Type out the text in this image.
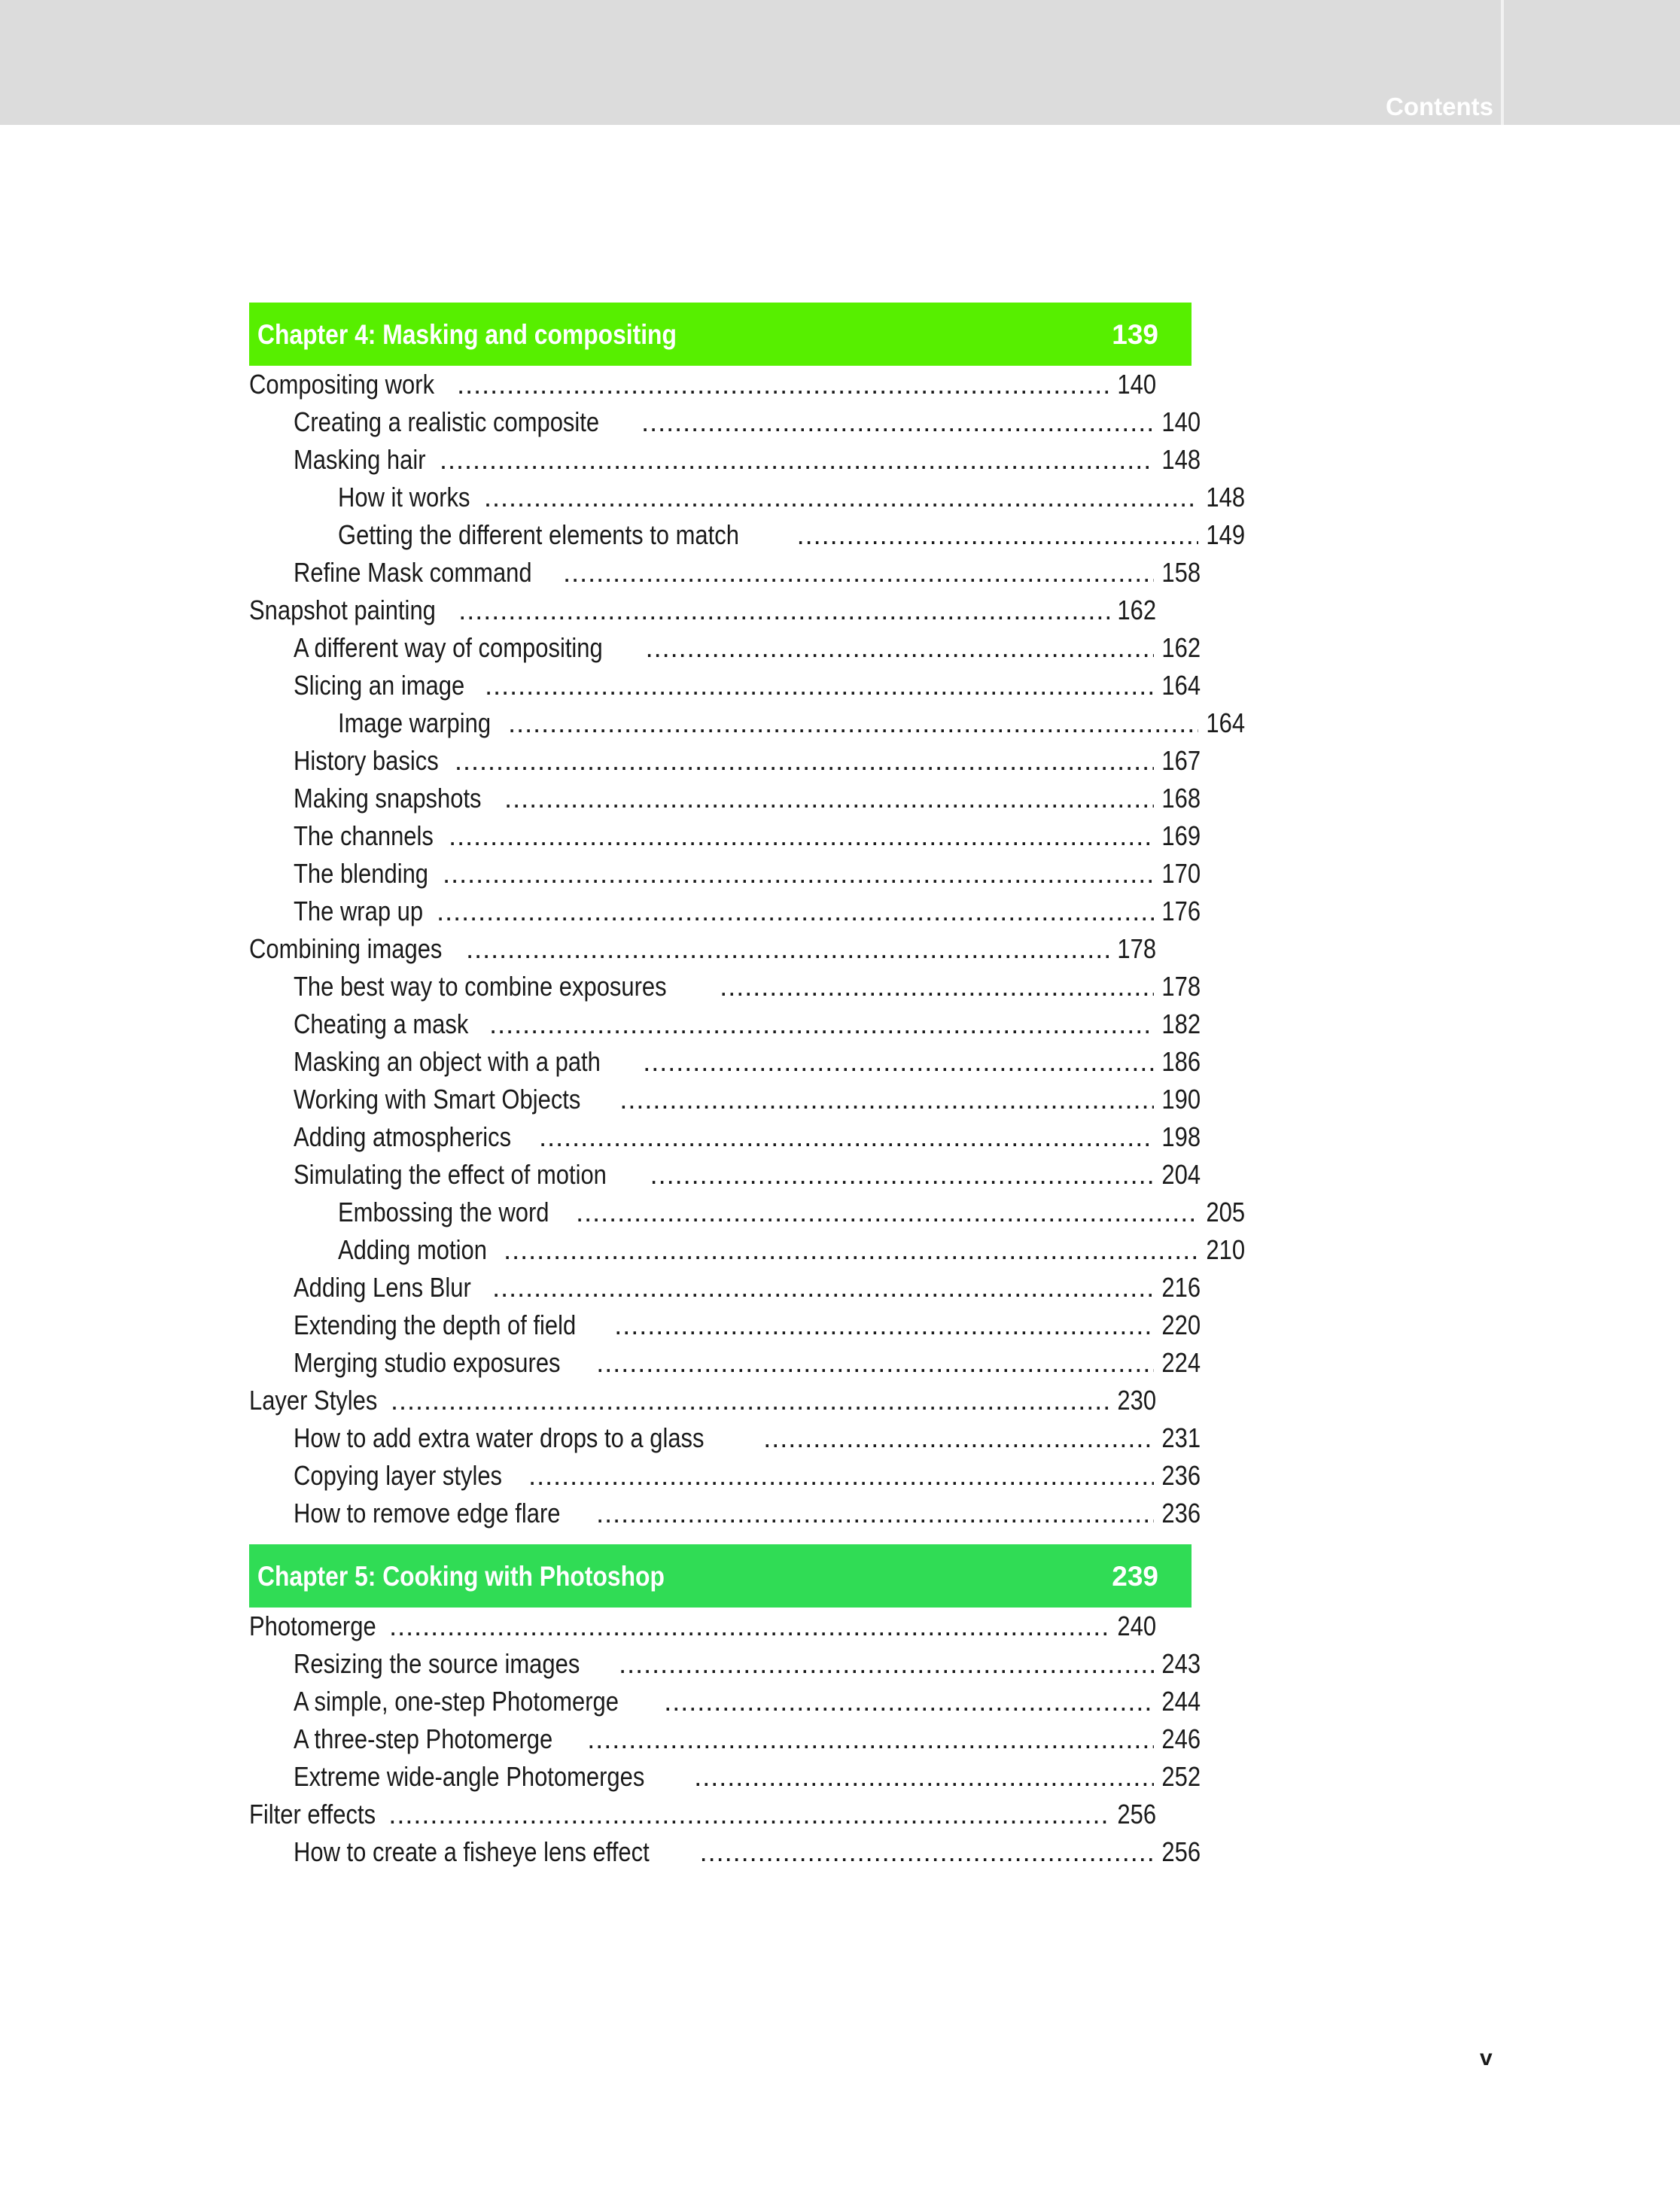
Contents
Chapter 4: Masking and compositing	139
Compositing work .....	140
Creating a realistic composite .....	140
Masking hair .....	148
How it works .....	148
Getting the different elements to match .....	149
Refine Mask command .....	158
Snapshot painting .....	162
A different way of compositing .....	162
Slicing an image .....	164
Image warping .....	164
History basics .....	167
Making snapshots .....	168
The channels .....	169
The blending .....	170
The wrap up .....	176
Combining images .....	178
The best way to combine exposures .....	178
Cheating a mask .....	182
Masking an object with a path .....	186
Working with Smart Objects .....	190
Adding atmospherics .....	198
Simulating the effect of motion .....	204
Embossing the word .....	205
Adding motion .....	210
Adding Lens Blur .....	216
Extending the depth of field .....	220
Merging studio exposures .....	224
Layer Styles .....	230
How to add extra water drops to a glass .....	231
Copying layer styles .....	236
How to remove edge flare .....	236
Chapter 5: Cooking with Photoshop	239
Photomerge .....	240
Resizing the source images .....	243
A simple, one-step Photomerge .....	244
A three-step Photomerge .....	246
Extreme wide-angle Photomerges .....	252
Filter effects .....	256
How to create a fisheye lens effect .....	256
v
